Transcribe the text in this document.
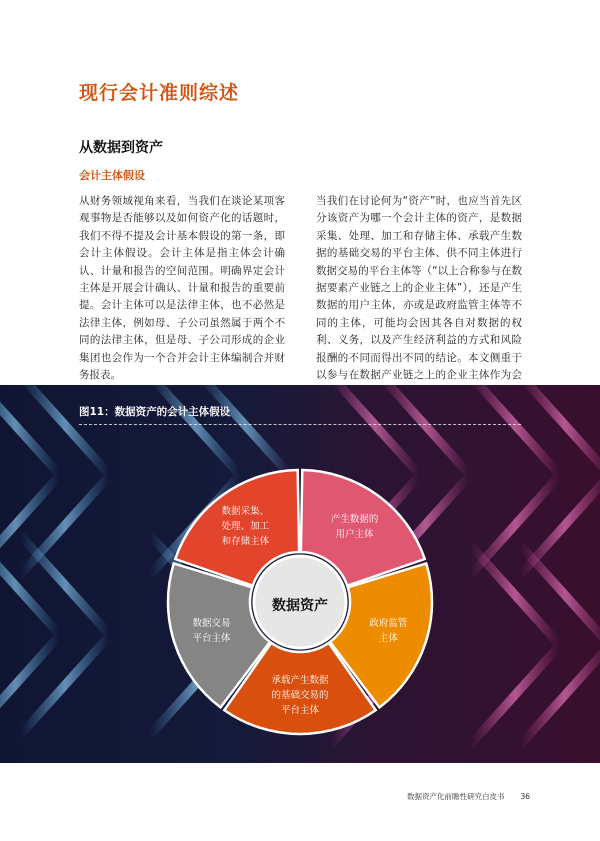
现行会计准则综述
从数据到资产
会计主体假设
从财务领域视角来看，当我们在谈论某项客观事物是否能够以及如何资产化的话题时，我们不得不提及会计基本假设的第一条，即会计主体假设。会计主体是指主体会计确认、计量和报告的空间范围。明确界定会计主体是开展会计确认、计量和报告的重要前提。会计主体可以是法律主体，也不必然是法律主体，例如母、子公司虽然属于两个不同的法律主体，但是母、子公司形成的企业集团也会作为一个合并会计主体编制合并财务报表。
当我们在讨论何为“资产”时，也应当首先区分该资产为哪一个会计主体的资产，是数据采集、处理、加工和存储主体、承载产生数据的基础交易的平台主体、供不同主体进行数据交易的平台主体等（“以上合称参与在数据要素产业链之上的企业主体”），还是产生数据的用户主体，亦或是政府监管主体等不同的主体，可能均会因其各自对数据的权利、义务，以及产生经济利益的方式和风险报酬的不同而得出不同的结论。本文侧重于以参与在数据产业链之上的企业主体作为会
图11：数据资产的会计主体假设
数据采集、
处理、加工
和存储主体
产生数据的
用户主体
政府监管
主体
承载产生数据
的基础交易的
平台主体
数据交易
平台主体
数据资产
数据资产化前瞻性研究白皮书 36
